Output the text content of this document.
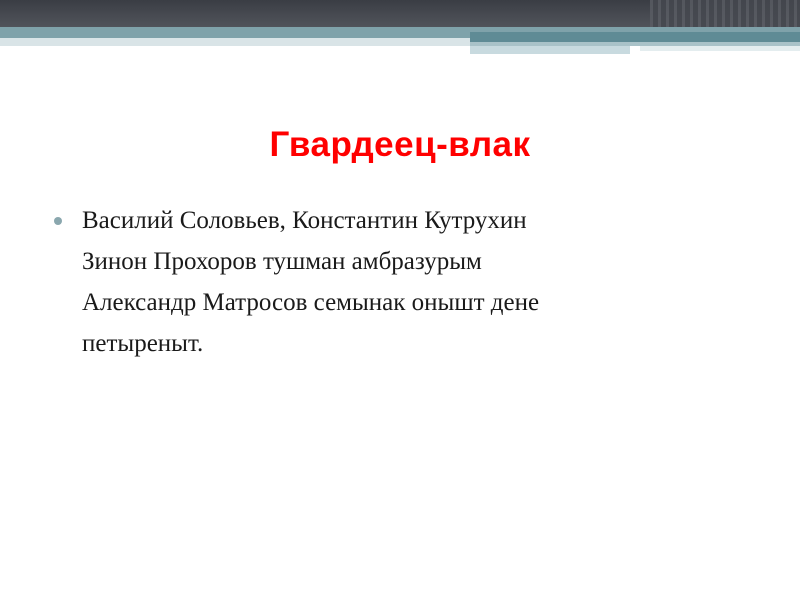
Гвардеец-влак
Василий Соловьев, Константин Кутрухин
Зинон Прохоров тушман амбразурым
Александр Матросов семынак онышт дене
петыреныт.
